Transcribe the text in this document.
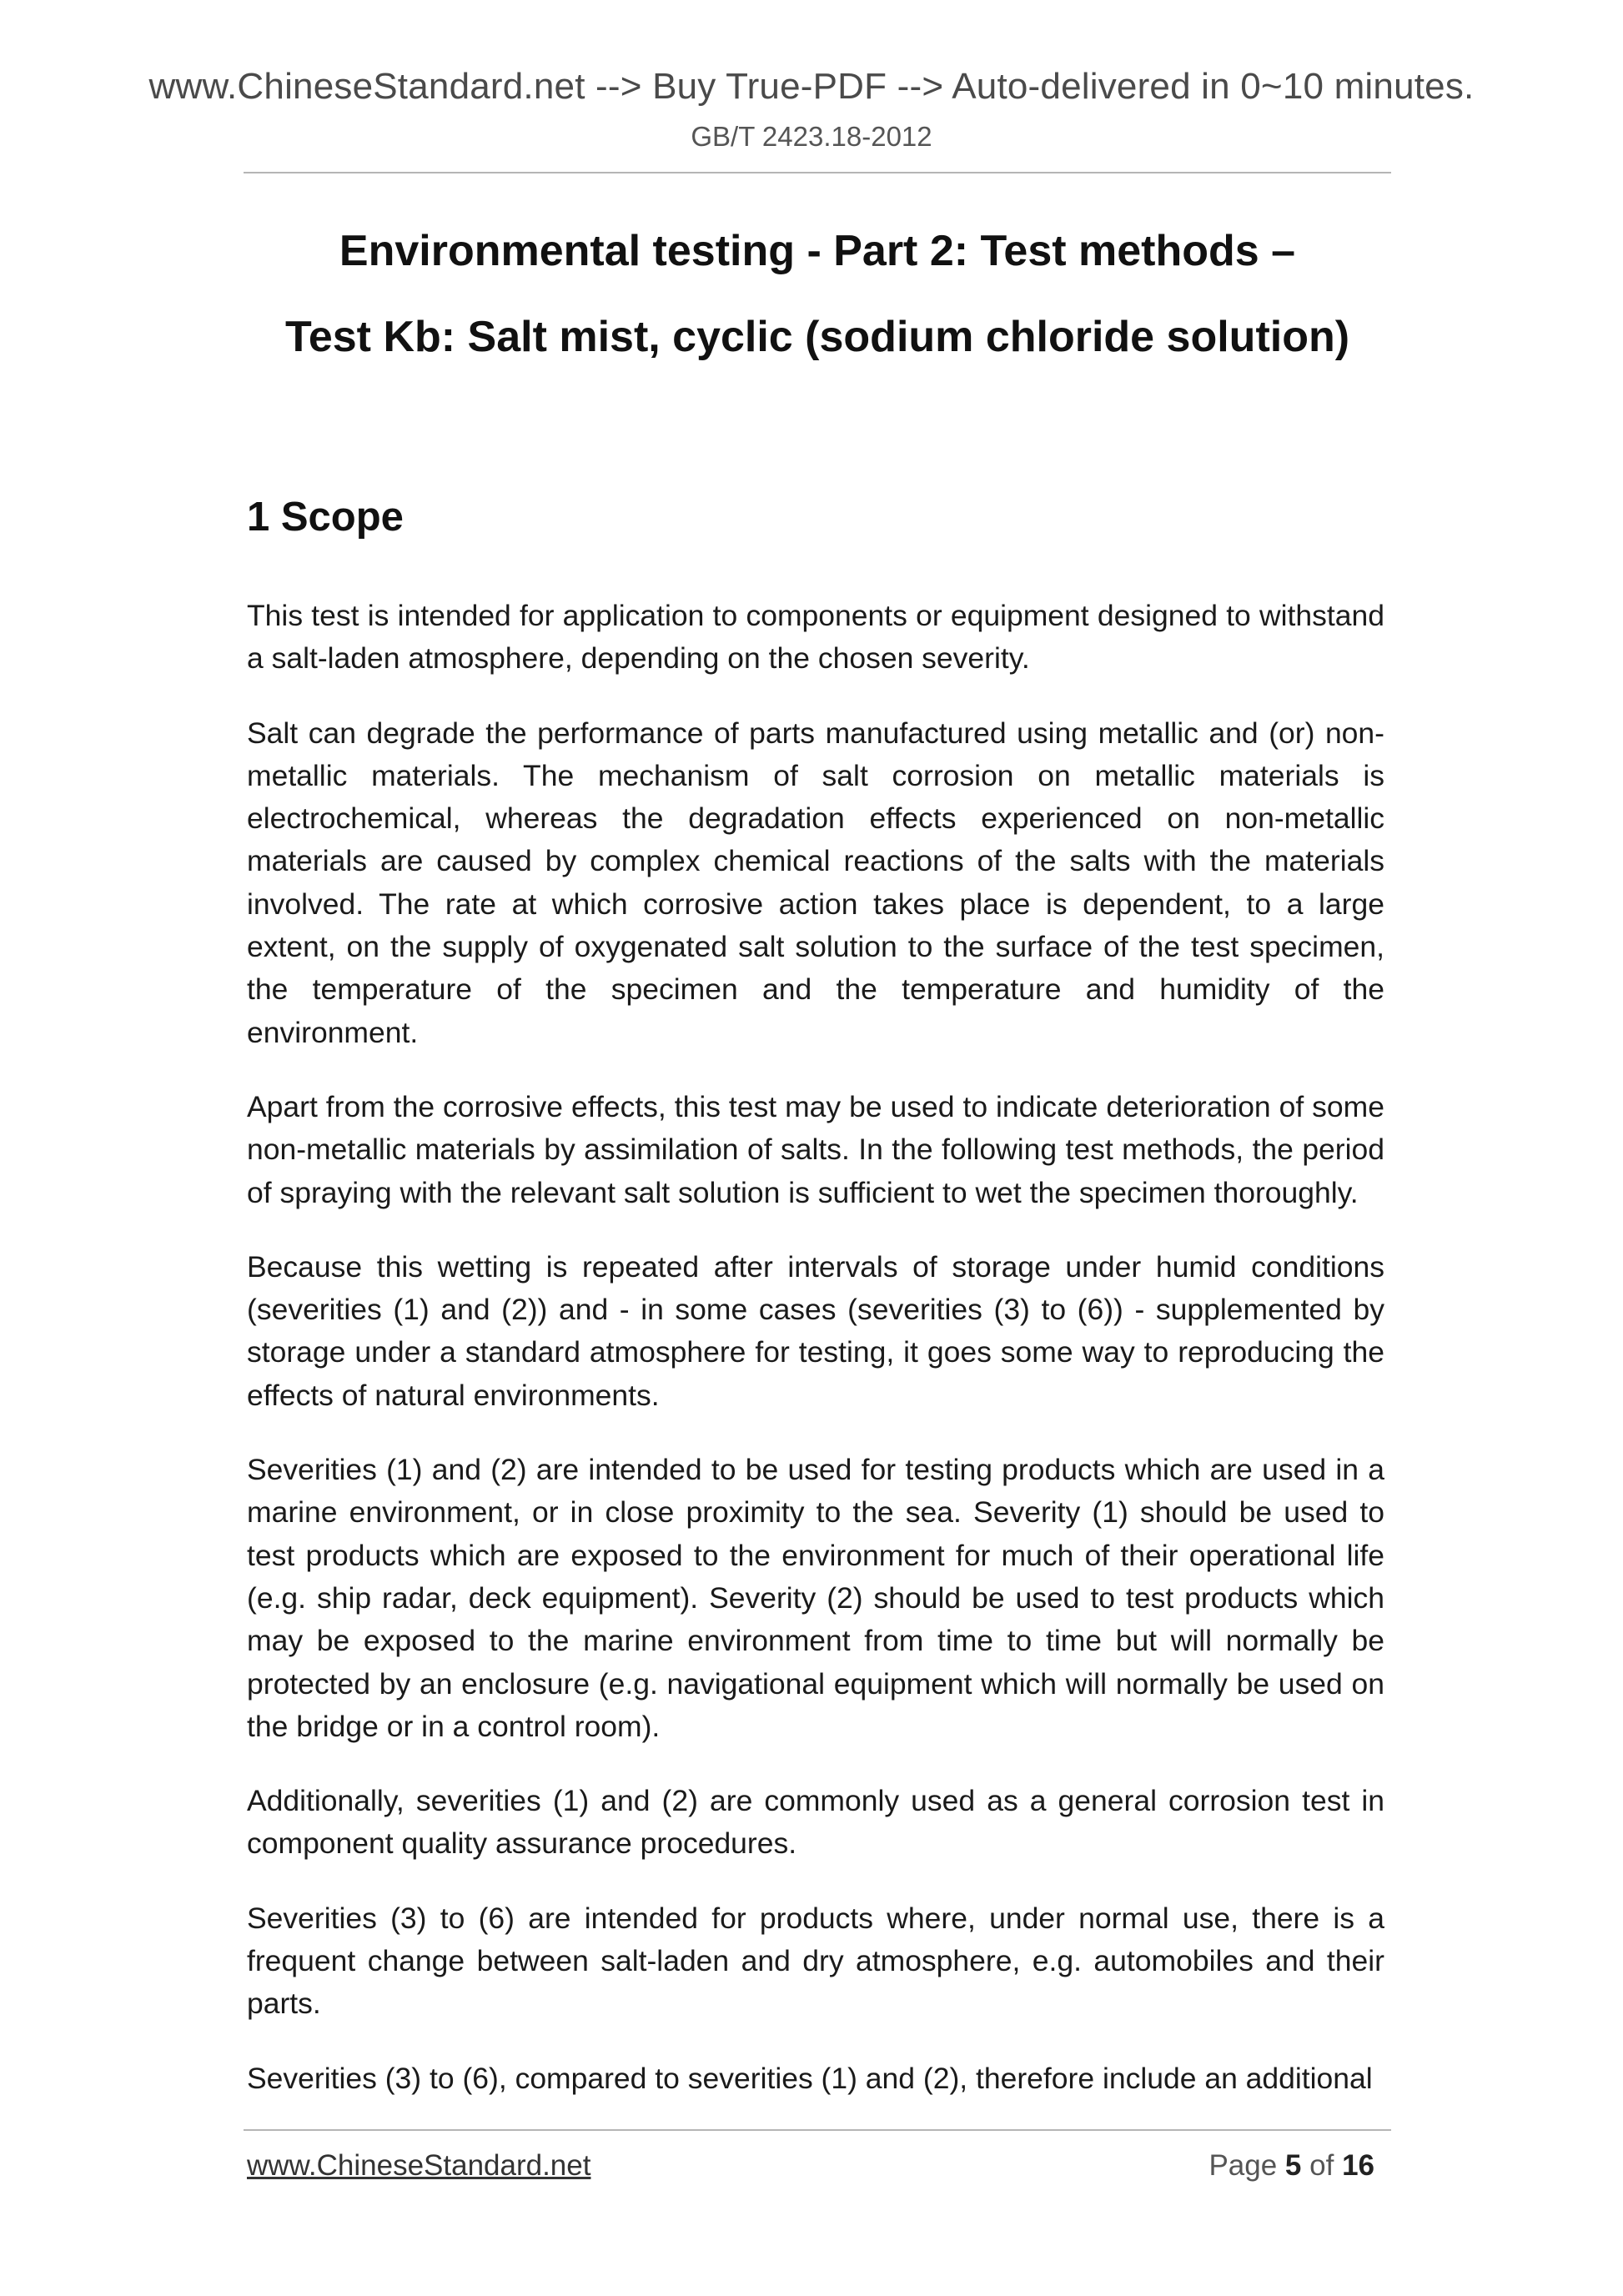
www.ChineseStandard.net --> Buy True-PDF --> Auto-delivered in 0~10 minutes.
GB/T 2423.18-2012
Environmental testing - Part 2: Test methods –
Test Kb: Salt mist, cyclic (sodium chloride solution)
1 Scope

This test is intended for application to components or equipment designed to withstand a salt-laden atmosphere, depending on the chosen severity.

Salt can degrade the performance of parts manufactured using metallic and (or) non-metallic materials. The mechanism of salt corrosion on metallic materials is electrochemical, whereas the degradation effects experienced on non-metallic materials are caused by complex chemical reactions of the salts with the materials involved. The rate at which corrosive action takes place is dependent, to a large extent, on the supply of oxygenated salt solution to the surface of the test specimen, the temperature of the specimen and the temperature and humidity of the environment.

Apart from the corrosive effects, this test may be used to indicate deterioration of some non-metallic materials by assimilation of salts. In the following test methods, the period of spraying with the relevant salt solution is sufficient to wet the specimen thoroughly.

Because this wetting is repeated after intervals of storage under humid conditions (severities (1) and (2)) and - in some cases (severities (3) to (6)) - supplemented by storage under a standard atmosphere for testing, it goes some way to reproducing the effects of natural environments.

Severities (1) and (2) are intended to be used for testing products which are used in a marine environment, or in close proximity to the sea. Severity (1) should be used to test products which are exposed to the environment for much of their operational life (e.g. ship radar, deck equipment). Severity (2) should be used to test products which may be exposed to the marine environment from time to time but will normally be protected by an enclosure (e.g. navigational equipment which will normally be used on the bridge or in a control room).

Additionally, severities (1) and (2) are commonly used as a general corrosion test in component quality assurance procedures.

Severities (3) to (6) are intended for products where, under normal use, there is a frequent change between salt-laden and dry atmosphere, e.g. automobiles and their parts.

Severities (3) to (6), compared to severities (1) and (2), therefore include an additional

www.ChineseStandard.net	Page 5 of 16
